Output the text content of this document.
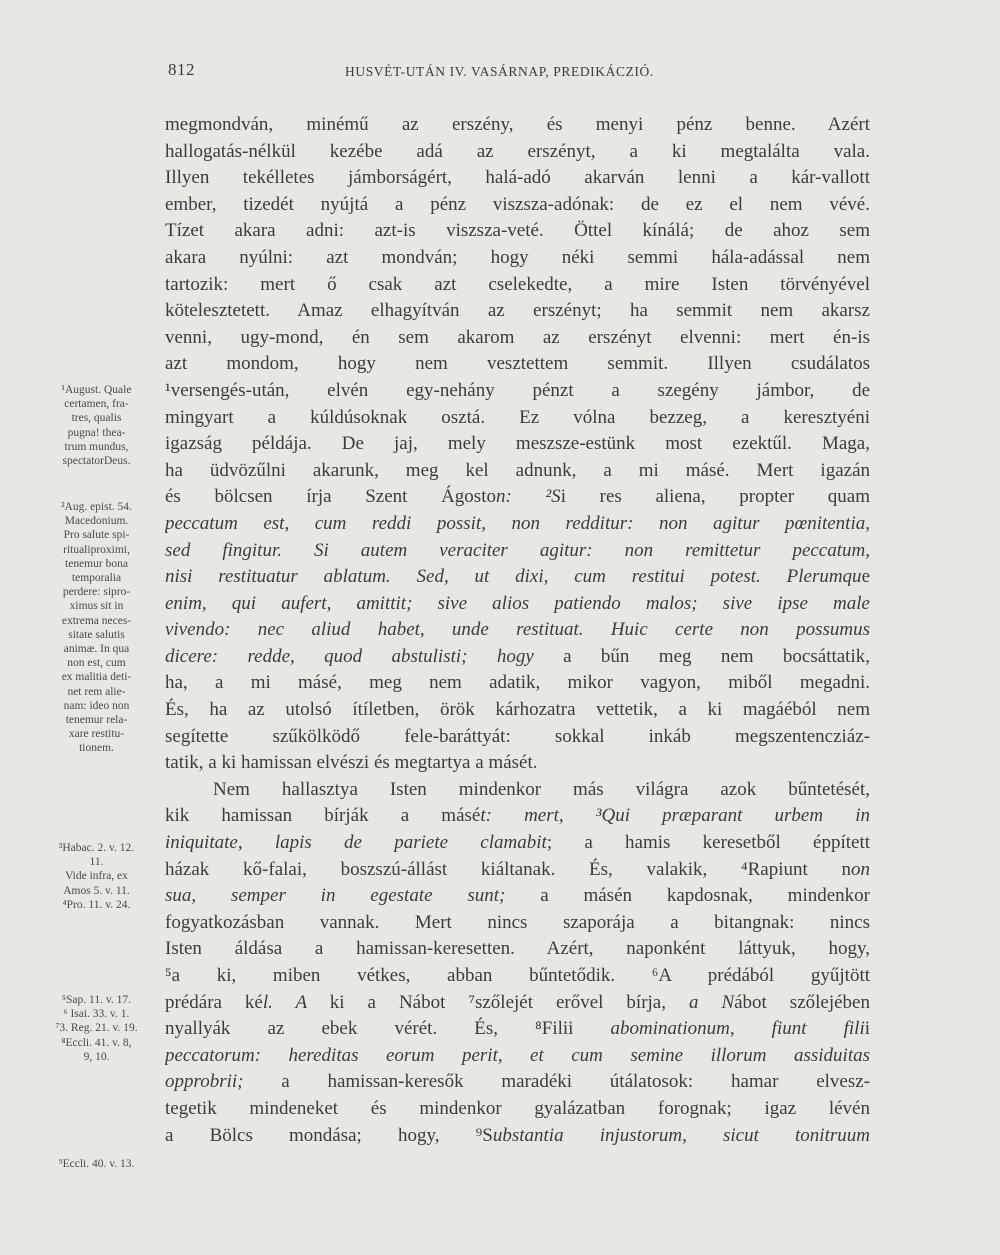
812	HUSVÉT-UTÁN IV. VASÁRNAP, PREDIKÁCZIÓ.
megmondván, minémű az erszény, és menyi pénz benne. Azért
hallogatás-nélkül kezébe adá az erszényt, a ki megtalálta vala.
Illyen tekélletes jámborságért, halá-adó akarván lenni a kár-vallott
ember, tizedét nyújtá a pénz viszsza-adónak: de ez el nem vévé.
Tízet akara adni: azt-is viszsza-veté. Öttel kínálá; de ahoz sem
akara nyúlni: azt mondván; hogy néki semmi hála-adással nem
tartozik: mert ő csak azt cselekedte, a mire Isten törvényével
kötelesztetett. Amaz elhagyítván az erszényt; ha semmit nem akarsz
venni, ugy-mond, én sem akarom az erszényt elvenni: mert én-is
azt mondom, hogy nem vesztettem semmit. Illyen csudálatos
¹versengés-után, elvén egy-nehány pénzt a szegény jámbor, de
mingyart a kúldúsoknak osztá. Ez vólna bezzeg, a keresztyéni
igazság példája. De jaj, mely meszsze-estünk most ezektűl. Maga,
ha üdvözűlni akarunk, meg kel adnunk, a mi másé. Mert igazán
és bölcsen írja Szent Ágoston: ²Si res aliena, propter quam
peccatum est, cum reddi possit, non redditur: non agitur pœnitentia,
sed fingitur. Si autem veraciter agitur: non remittetur peccatum,
nisi restituatur ablatum. Sed, ut dixi, cum restitui potest. Plerumque
enim, qui aufert, amittit; sive alios patiendo malos; sive ipse male
vivendo: nec aliud habet, unde restituat. Huic certe non possumus
dicere: redde, quod abstulisti; hogy a bűn meg nem bocsáttatik,
ha, a mi másé, meg nem adatik, mikor vagyon, miből megadni.
És, ha az utolsó ítíletben, örök kárhozatra vettetik, a ki magáéból nem
segítette szűkölködő fele-baráttyát: sokkal inkáb megszentencziáz-
tatik, a ki hamissan elvészi és megtartya a másét.
Nem hallasztya Isten mindenkor más világra azok bűntetését,
kik hamissan bírják a másét: mert, ³Qui præparant urbem in
iniquitate, lapis de pariete clamabit; a hamis keresetből éppített
házak kő-falai, boszszú-állást kiáltanak. És, valakik, ⁴Rapiunt non
sua, semper in egestate sunt; a másén kapdosnak, mindenkor
fogyatkozásban vannak. Mert nincs szaporája a bitangnak: nincs
Isten áldása a hamissan-keresetten. Azért, naponként láttyuk, hogy,
⁵a ki, miben vétkes, abban bűntetődik. ⁶A prédából gyűjtött
prédára kél. A ki a Nábot ⁷szőlejét erővel bírja, a Nábot szőlejében
nyallyák az ebek vérét. És, ⁸Filii abominationum, fiunt filii
peccatorum: hereditas eorum perit, et cum semine illorum assiduitas
opprobrii; a hamissan-keresők maradéki útálatosok: hamar elvesz-
tegetik mindeneket és mindenkor gyalázatban forognak; igaz lévén
a Bölcs mondása; hogy, ⁹Substantia injustorum, sicut tonitruum
¹August. Quale
certamen, fra-
tres, qualis
pugna! thea-
trum mundus,
spectatorDeus.
²Aug. epist. 54.
Macedonium.
Pro salute spi-
ritualiproximi,
tenemur bona
temporalia
perdere: sipro-
ximus sit in
extrema neces-
sitate salutis
animæ. In qua
non est, cum
ex malitia deti-
net rem alie-
nam: ideo non
tenemur rela-
xare restitu-
tionem.
³Habac. 2. v. 12.
11.
Vide infra, ex
Amos 5. v. 11.
⁴Pro. 11. v. 24.
⁵Sap. 11. v. 17.
⁶ Isai. 33. v. 1.
⁷3. Reg. 21. v. 19.
⁸Eccli. 41. v. 8,
9, 10.
⁹Eccli. 40. v. 13.
